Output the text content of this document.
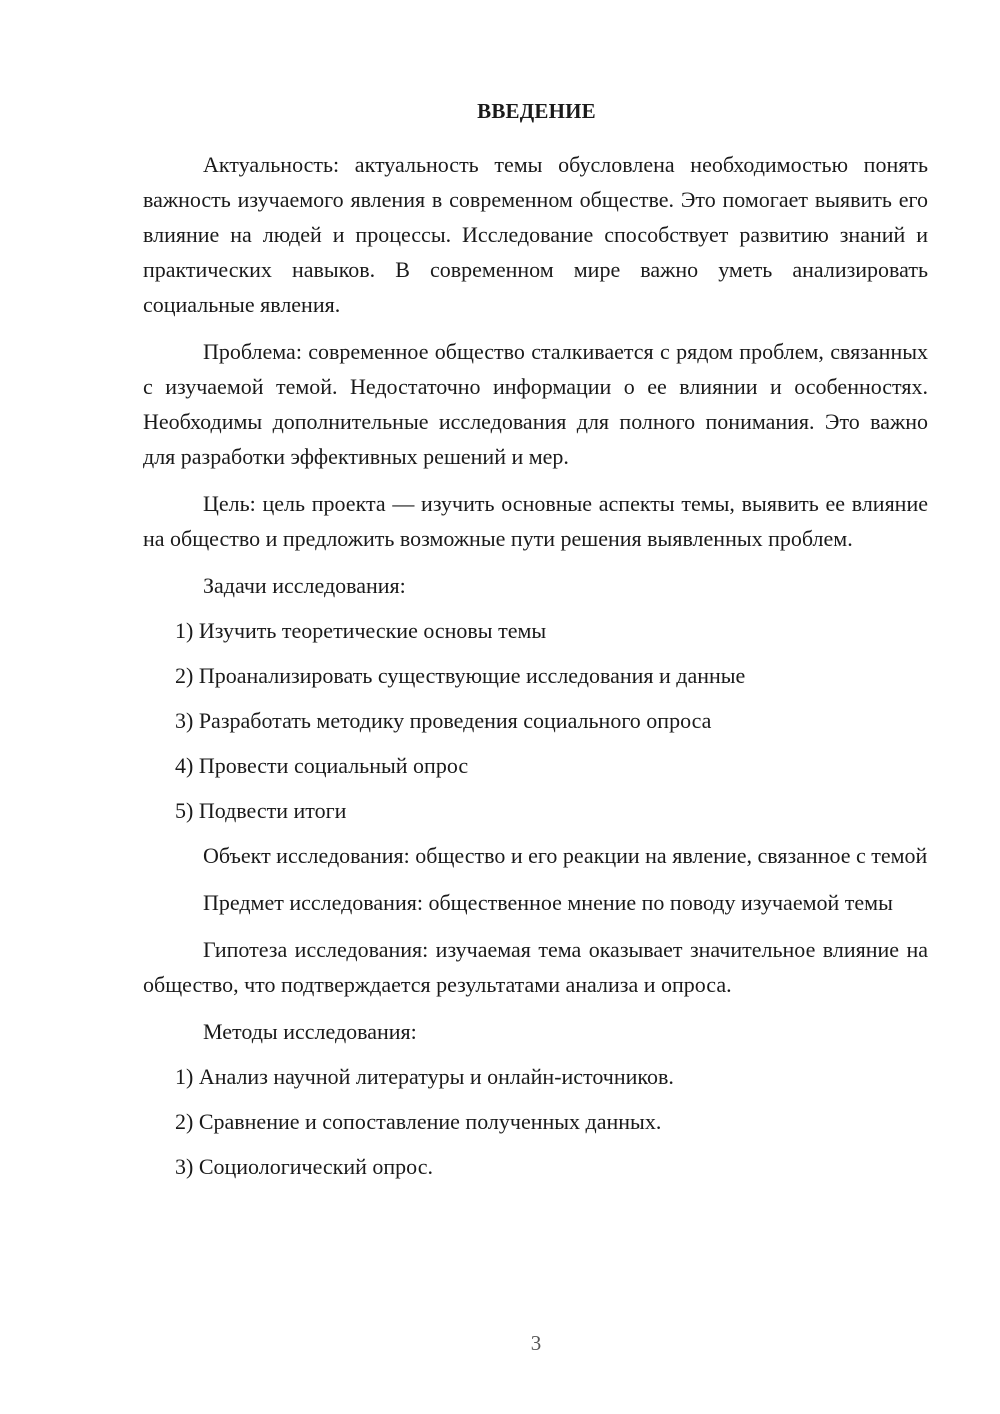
ВВЕДЕНИЕ

Актуальность: актуальность темы обусловлена необходимостью понять важность изучаемого явления в современном обществе. Это помогает выявить его влияние на людей и процессы. Исследование способствует развитию знаний и практических навыков. В современном мире важно уметь анализировать социальные явления.

Проблема: современное общество сталкивается с рядом проблем, связанных с изучаемой темой. Недостаточно информации о ее влиянии и особенностях. Необходимы дополнительные исследования для полного понимания. Это важно для разработки эффективных решений и мер.

Цель: цель проекта — изучить основные аспекты темы, выявить ее влияние на общество и предложить возможные пути решения выявленных проблем.

Задачи исследования:

1) Изучить теоретические основы темы
2) Проанализировать существующие исследования и данные
3) Разработать методику проведения социального опроса
4) Провести социальный опрос
5) Подвести итоги

Объект исследования: общество и его реакции на явление, связанное с темой

Предмет исследования: общественное мнение по поводу изучаемой темы

Гипотеза исследования: изучаемая тема оказывает значительное влияние на общество, что подтверждается результатами анализа и опроса.

Методы исследования:

1) Анализ научной литературы и онлайн-источников.
2) Сравнение и сопоставление полученных данных.
3) Социологический опрос.
3
